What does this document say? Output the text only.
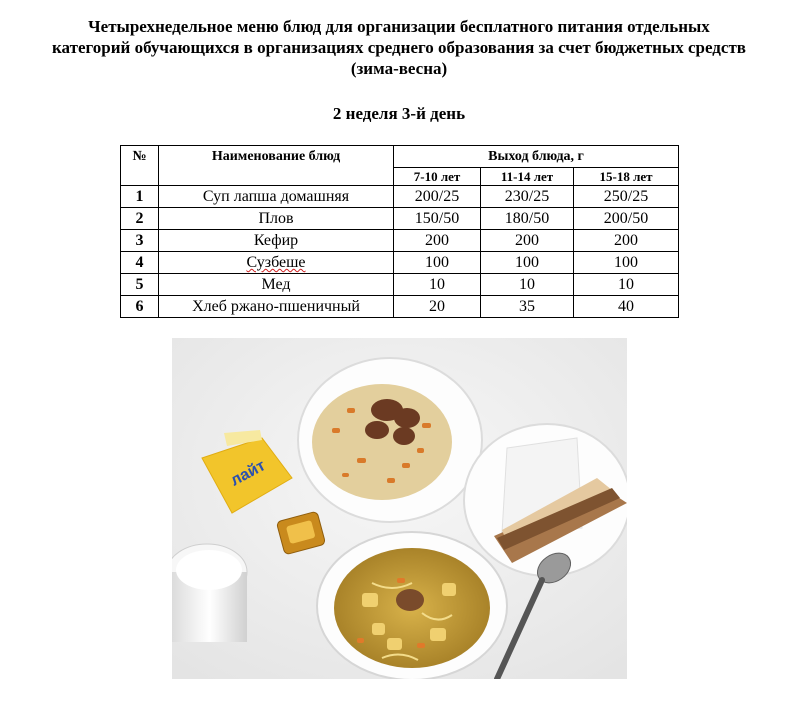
Четырехнедельное меню блюд для организации бесплатного питания отдельных
категорий обучающихся в организациях среднего образования за счет бюджетных средств
(зима-весна)
2 неделя 3-й день
№	Наименование блюд	Выход блюда, г		
		7-10 лет	11-14 лет	15-18 лет
1	Суп лапша домашняя	200/25	230/25	250/25
2	Плов	150/50	180/50	200/50
3	Кефир	200	200	200
4	Сузбеше	100	100	100
5	Мед	10	10	10
6	Хлеб ржано-пшеничный	20	35	40
лайт
